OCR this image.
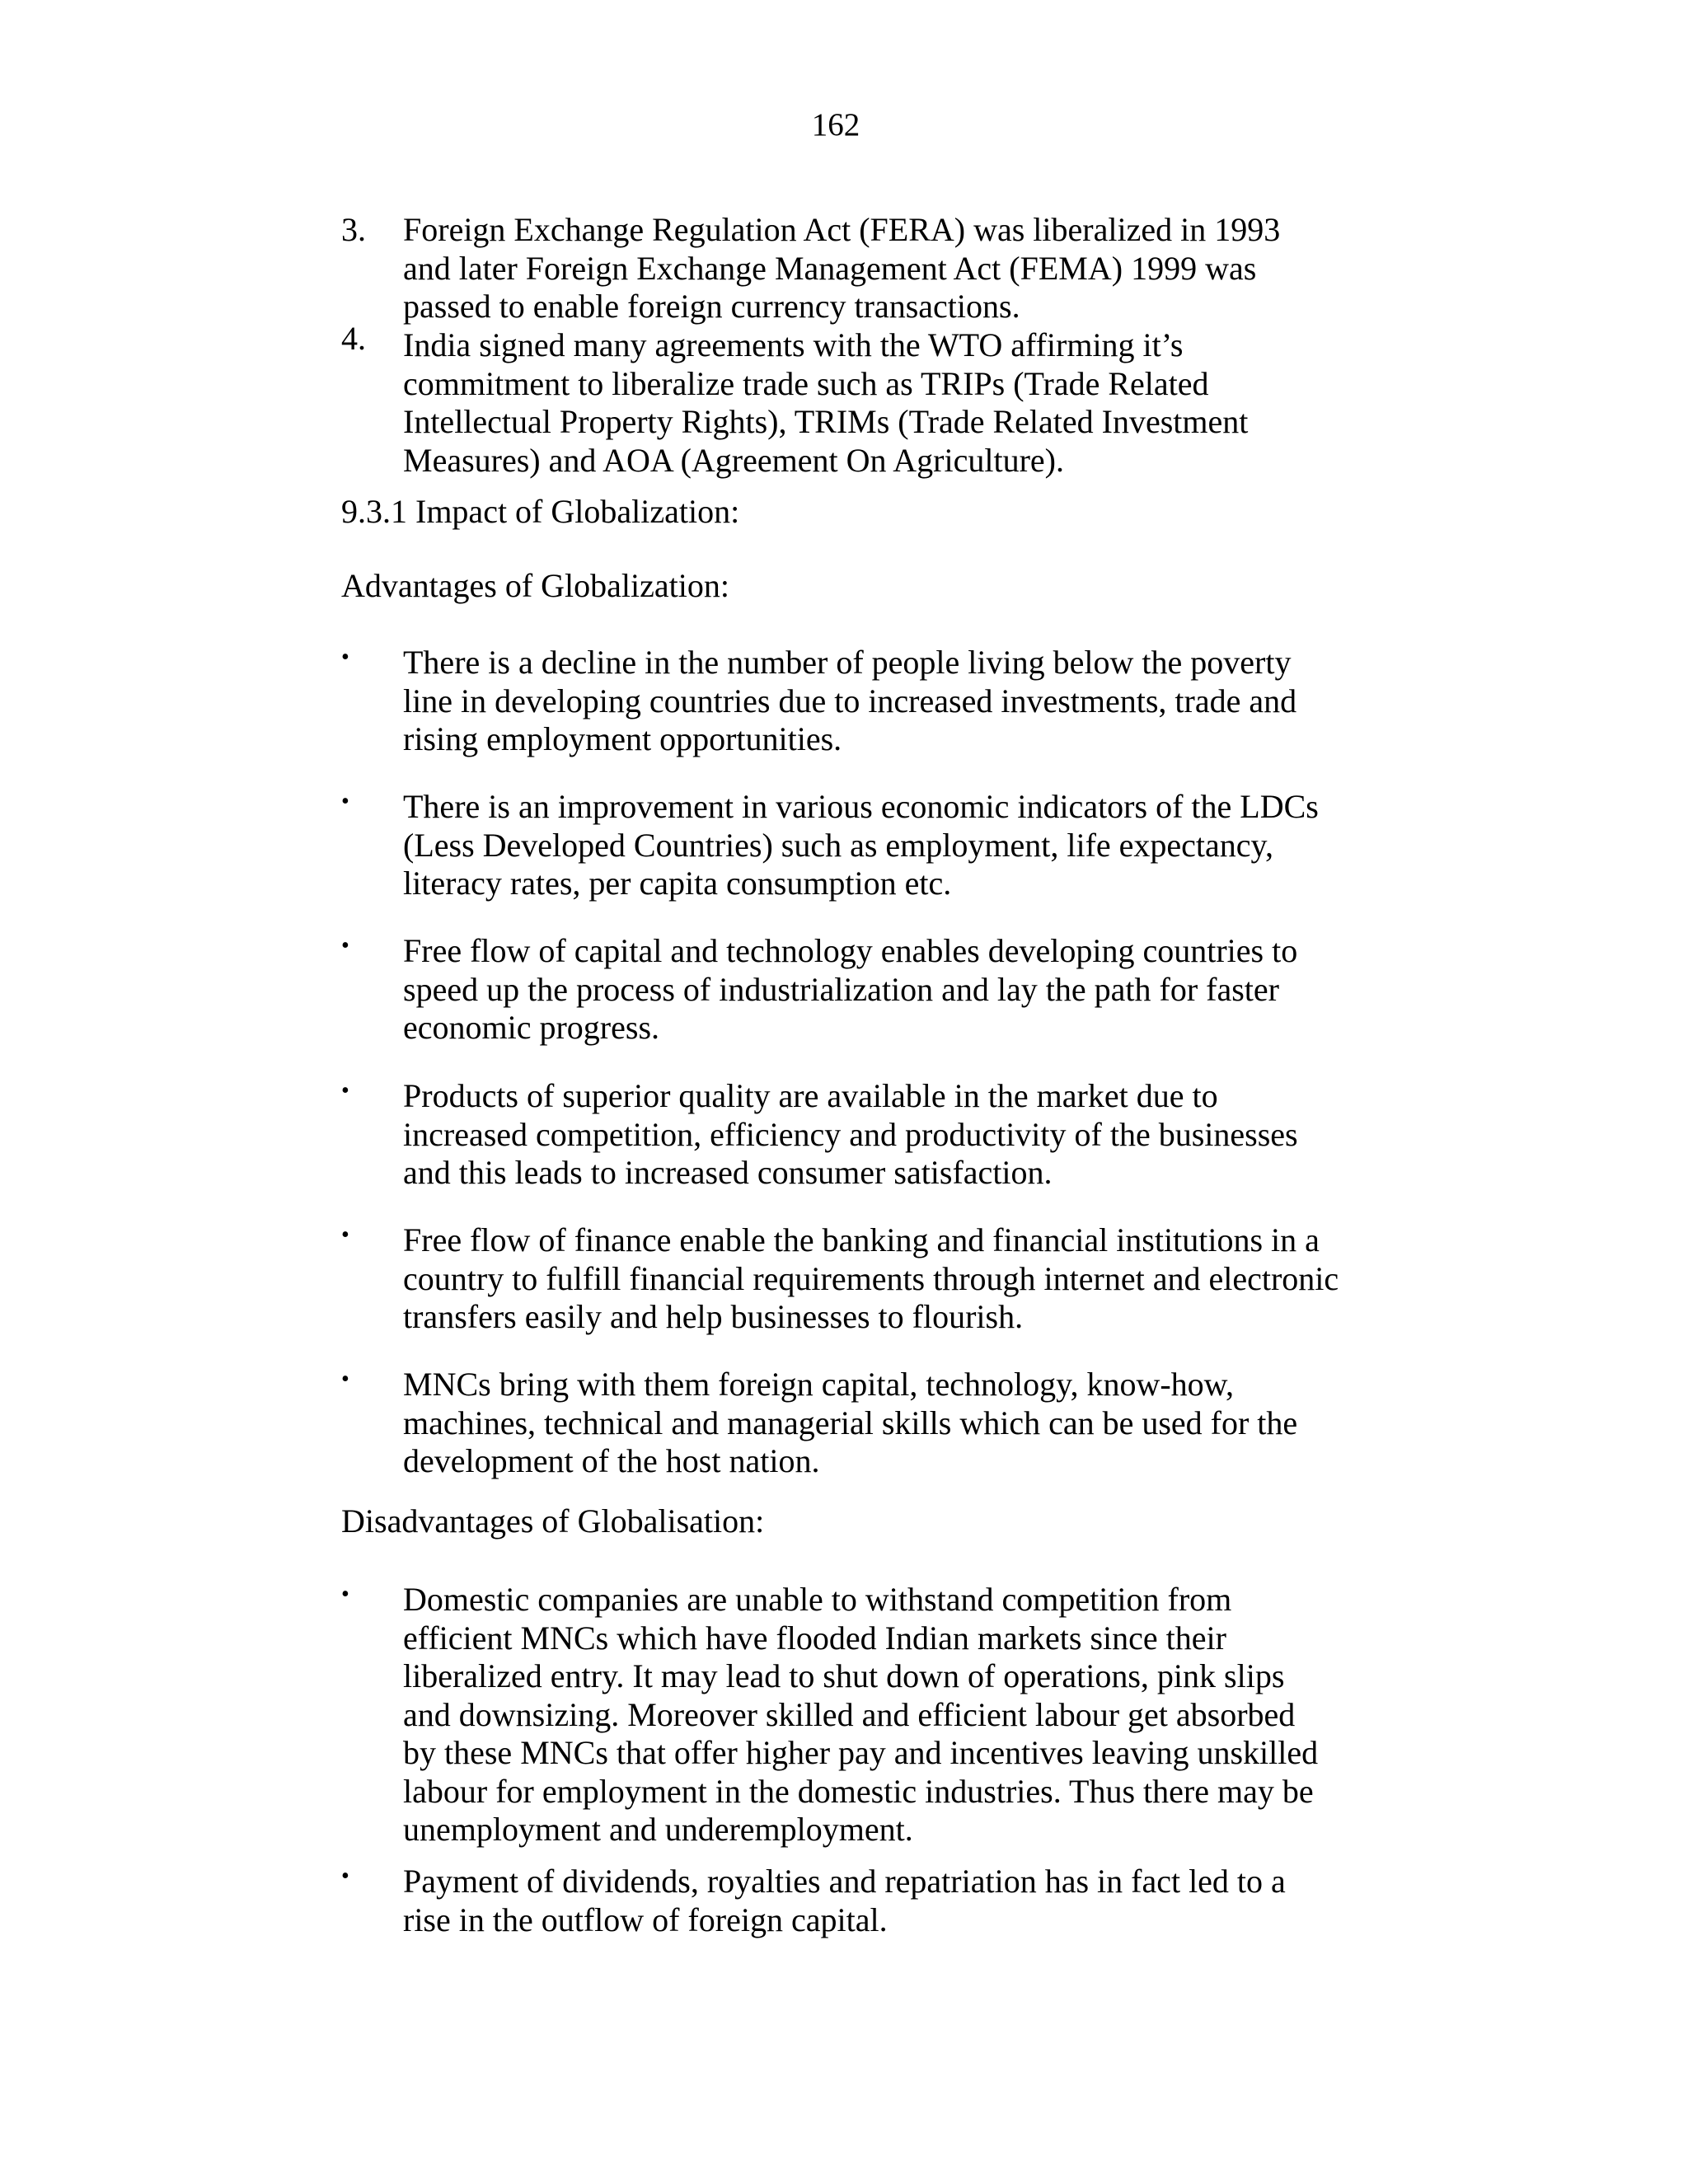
162
3. Foreign Exchange Regulation Act (FERA) was liberalized in 1993
and later Foreign Exchange Management Act (FEMA) 1999 was
passed to enable foreign currency transactions.
4. India signed many agreements with the WTO affirming it’s
commitment to liberalize trade such as TRIPs (Trade Related
Intellectual Property Rights), TRIMs (Trade Related Investment
Measures) and AOA (Agreement On Agriculture).
9.3.1 Impact of Globalization:
Advantages of Globalization:
• There is a decline in the number of people living below the poverty
line in developing countries due to increased investments, trade and
rising employment opportunities.
• There is an improvement in various economic indicators of the LDCs
(Less Developed Countries) such as employment, life expectancy,
literacy rates, per capita consumption etc.
• Free flow of capital and technology enables developing countries to
speed up the process of industrialization and lay the path for faster
economic progress.
• Products of superior quality are available in the market due to
increased competition, efficiency and productivity of the businesses
and this leads to increased consumer satisfaction.
• Free flow of finance enable the banking and financial institutions in a
country to fulfill financial requirements through internet and electronic
transfers easily and help businesses to flourish.
• MNCs bring with them foreign capital, technology, know-how,
machines, technical and managerial skills which can be used for the
development of the host nation.
Disadvantages of Globalisation:
• Domestic companies are unable to withstand competition from
efficient MNCs which have flooded Indian markets since their
liberalized entry. It may lead to shut down of operations, pink slips
and downsizing. Moreover skilled and efficient labour get absorbed
by these MNCs that offer higher pay and incentives leaving unskilled
labour for employment in the domestic industries. Thus there may be
unemployment and underemployment.
• Payment of dividends, royalties and repatriation has in fact led to a
rise in the outflow of foreign capital.
